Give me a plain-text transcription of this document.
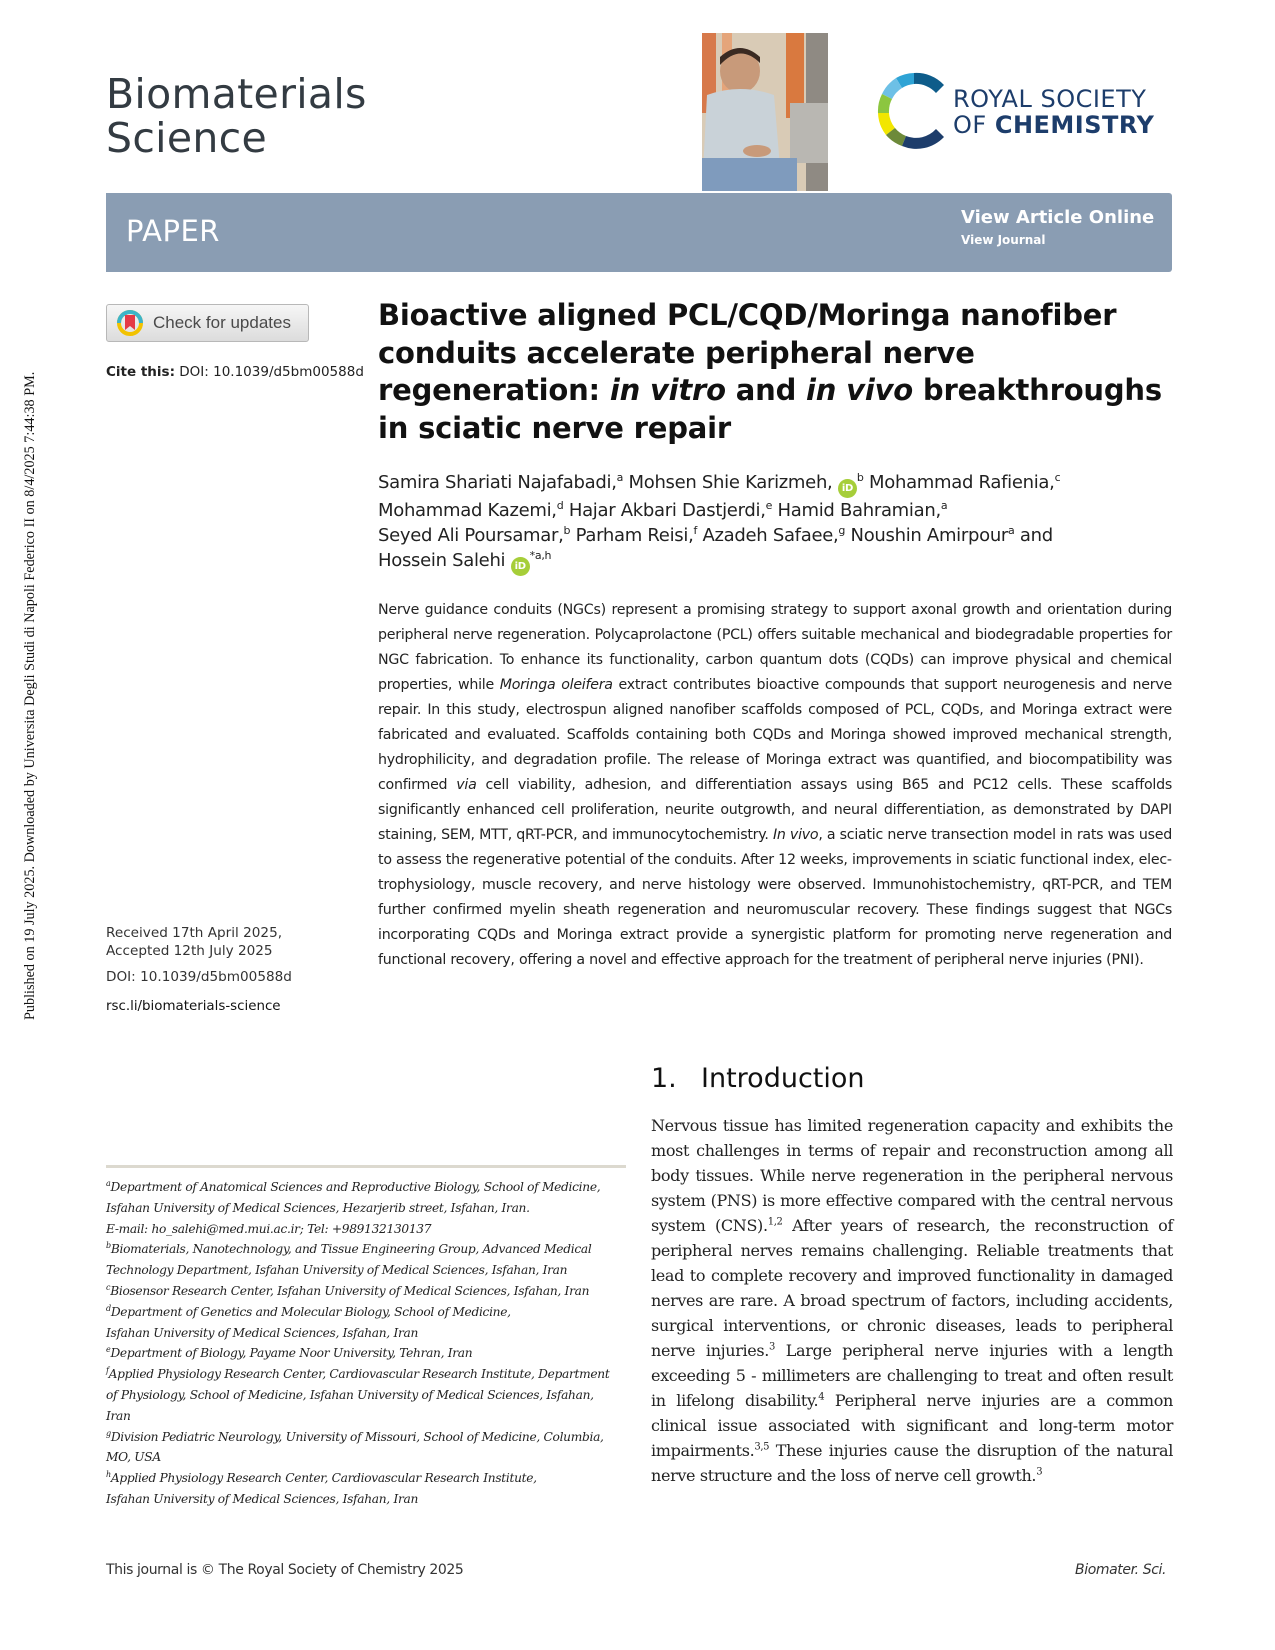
Published on 19 July 2025. Downloaded by Universita Degli Studi di Napoli Federico II on 8/4/2025 7:44:38 PM.
Biomaterials
Science
ROYAL SOCIETY
OF CHEMISTRY
PAPER	View Article Online
View Journal
Check for updates
Cite this: DOI: 10.1039/d5bm00588d
Bioactive aligned PCL/CQD/Moringa nanofiber conduits accelerate peripheral nerve regeneration: in vitro and in vivo breakthroughs in sciatic nerve repair
Samira Shariati Najafabadi,$^a$ Mohsen Shie Karizmeh, $iD^b$ Mohammad Rafienia,$^c$
Mohammad Kazemi,$^d$ Hajar Akbari Dastjerdi,$^e$ Hamid Bahramian,$^a$
Seyed Ali Poursamar,$^b$ Parham Reisi,$^f$ Azadeh Safaee,$^g$ Noushin Amirpour$^a$ and
Hossein Salehi iD$^{*a,h}$
Nerve guidance conduits (NGCs) represent a promising strategy to support axonal growth and orientation during peripheral nerve regeneration. Polycaprolactone (PCL) offers suitable mechanical and biodegradable properties for NGC fabrication. To enhance its functionality, carbon quantum dots (CQDs) can improve physical and chemical properties, while Moringa oleifera extract contributes bioactive compounds that support neurogenesis and nerve repair. In this study, electrospun aligned nanofiber scaffolds composed of PCL, CQDs, and Moringa extract were fabricated and evaluated. Scaffolds containing both CQDs and Moringa showed improved mechanical strength, hydrophilicity, and degradation profile. The release of Moringa extract was quantified, and biocompatibility was confirmed via cell viability, adhesion, and differentiation assays using B65 and PC12 cells. These scaffolds significantly enhanced cell proliferation, neurite outgrowth, and neural differentiation, as demonstrated by DAPI staining, SEM, MTT, qRT-PCR, and immunocytochemistry. In vivo, a sciatic nerve transection model in rats was used to assess the regenerative potential of the conduits. After 12 weeks, improvements in sciatic functional index, electrophysiology, muscle recovery, and nerve histology were observed. Immunohistochemistry, qRT-PCR, and TEM further confirmed myelin sheath regeneration and neuromuscular recovery. These findings suggest that NGCs incorporating CQDs and Moringa extract provide a synergistic platform for promoting nerve regeneration and functional recovery, offering a novel and effective approach for the treatment of peripheral nerve injuries (PNI).
Received 17th April 2025,
Accepted 12th July 2025
DOI: 10.1039/d5bm00588d
rsc.li/biomaterials-science
1. Introduction
Nervous tissue has limited regeneration capacity and exhibits the most challenges in terms of repair and reconstruction among all body tissues. While nerve regeneration in the peripheral nervous system (PNS) is more effective compared with the central nervous system (CNS).$^{1,2}$ After years of research, the reconstruction of peripheral nerves remains challenging. Reliable treatments that lead to complete recovery and improved functionality in damaged nerves are rare. A broad spectrum of factors, including accidents, surgical interventions, or chronic diseases, leads to peripheral nerve injuries.$^3$ Large peripheral nerve injuries with a length exceeding 5 - millimeters are challenging to treat and often result in lifelong disability.$^4$ Peripheral nerve injuries are a common clinical issue associated with significant and long-term motor impairments.$^{3,5}$ These injuries cause the disruption of the natural nerve structure and the loss of nerve cell growth.$^3$
$^a$Department of Anatomical Sciences and Reproductive Biology, School of Medicine,
Isfahan University of Medical Sciences, Hezarjerib street, Isfahan, Iran.
E-mail: ho_salehi@med.mui.ac.ir; Tel: +989132130137
$^b$Biomaterials, Nanotechnology, and Tissue Engineering Group, Advanced Medical
Technology Department, Isfahan University of Medical Sciences, Isfahan, Iran
$^c$Biosensor Research Center, Isfahan University of Medical Sciences, Isfahan, Iran
$^d$Department of Genetics and Molecular Biology, School of Medicine,
Isfahan University of Medical Sciences, Isfahan, Iran
$^e$Department of Biology, Payame Noor University, Tehran, Iran
$^f$Applied Physiology Research Center, Cardiovascular Research Institute, Department
of Physiology, School of Medicine, Isfahan University of Medical Sciences, Isfahan,
Iran
$^g$Division Pediatric Neurology, University of Missouri, School of Medicine, Columbia,
MO, USA
$^h$Applied Physiology Research Center, Cardiovascular Research Institute,
Isfahan University of Medical Sciences, Isfahan, Iran
This journal is © The Royal Society of Chemistry 2025	Biomater. Sci.
